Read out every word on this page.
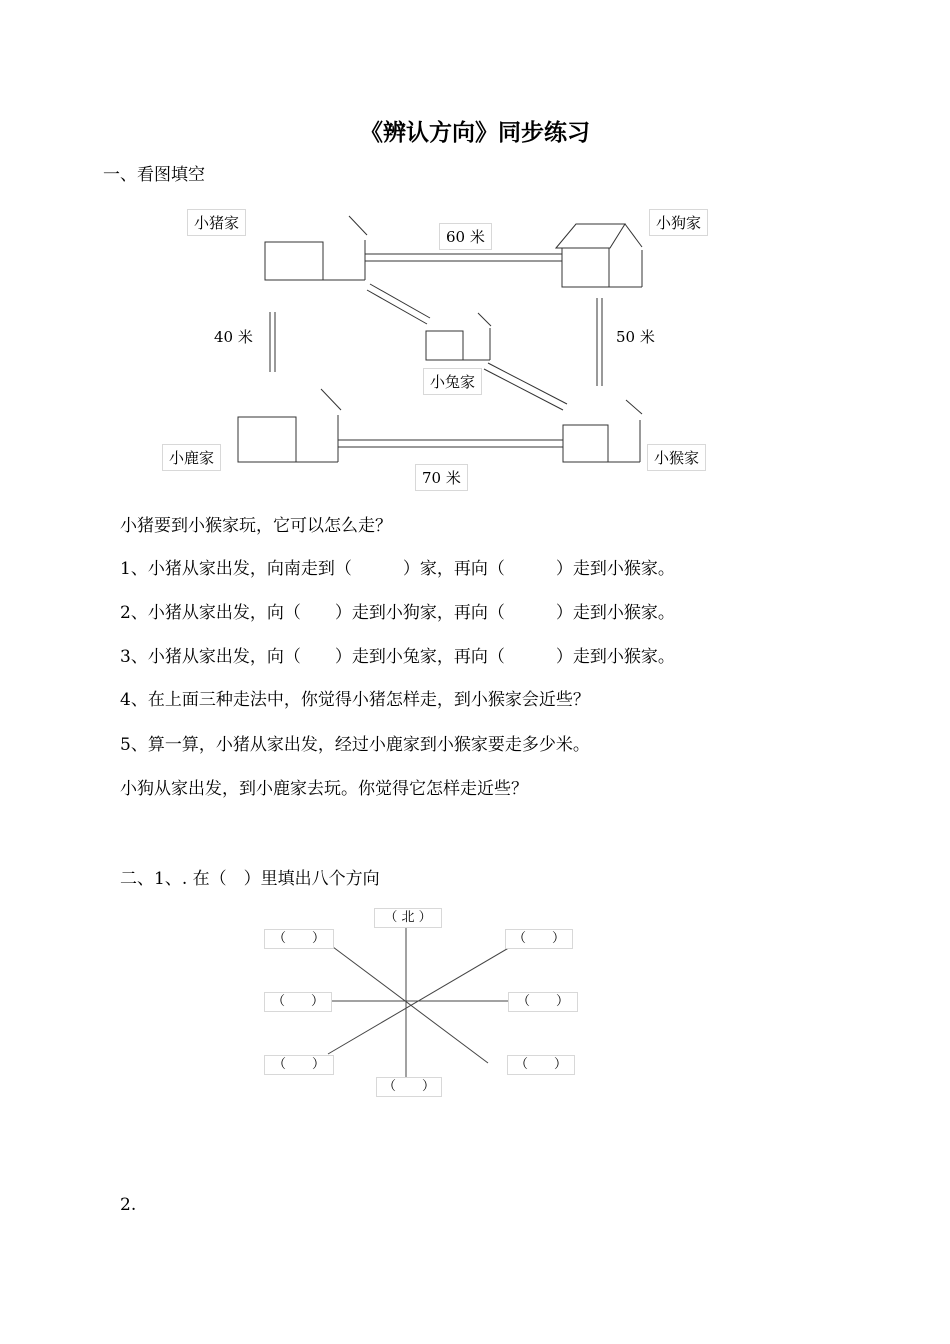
《辨认方向》同步练习
一、看图填空
小猪家	小狗家
小兔家
小鹿家	小猴家
60 米
40 米	50 米
70 米
小猪要到小猴家玩，它可以怎么走？
1、小猪从家出发，向南走到（　　　）家，再向（　　　）走到小猴家。
2、小猪从家出发，向（　　）走到小狗家，再向（　　　）走到小猴家。
3、小猪从家出发，向（　　）走到小兔家，再向（　　　）走到小猴家。
4、在上面三种走法中，你觉得小猪怎样走，到小猴家会近些？
5、算一算，小猪从家出发，经过小鹿家到小猴家要走多少米。
小狗从家出发，到小鹿家去玩。你觉得它怎样走近些？
二、1、. 在（　）里填出八个方向
（ 北 ）
（　　）	（　　）
（　　）	（　　）
（　　）	（　　）
（　　）
2.
